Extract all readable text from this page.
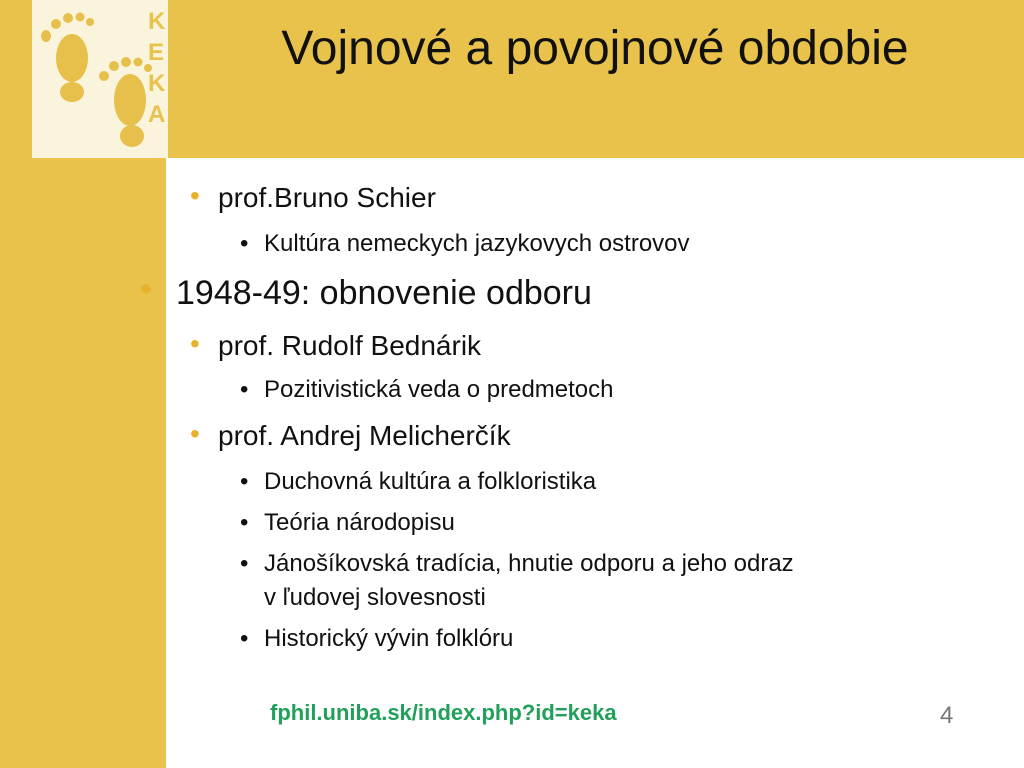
K
E
K
A
Vojnové a povojnové obdobie
• prof.Bruno Schier
• Kultúra nemeckych jazykovych ostrovov
• 1948-49: obnovenie odboru
• prof. Rudolf Bednárik
• Pozitivistická veda o predmetoch
• prof. Andrej Melicherčík
• Duchovná kultúra a folkloristika
• Teória národopisu
• Jánošíkovská tradícia, hnutie odporu a jeho odraz
v ľudovej slovesnosti
• Historický vývin folklóru
fphil.uniba.sk/index.php?id=keka	4
